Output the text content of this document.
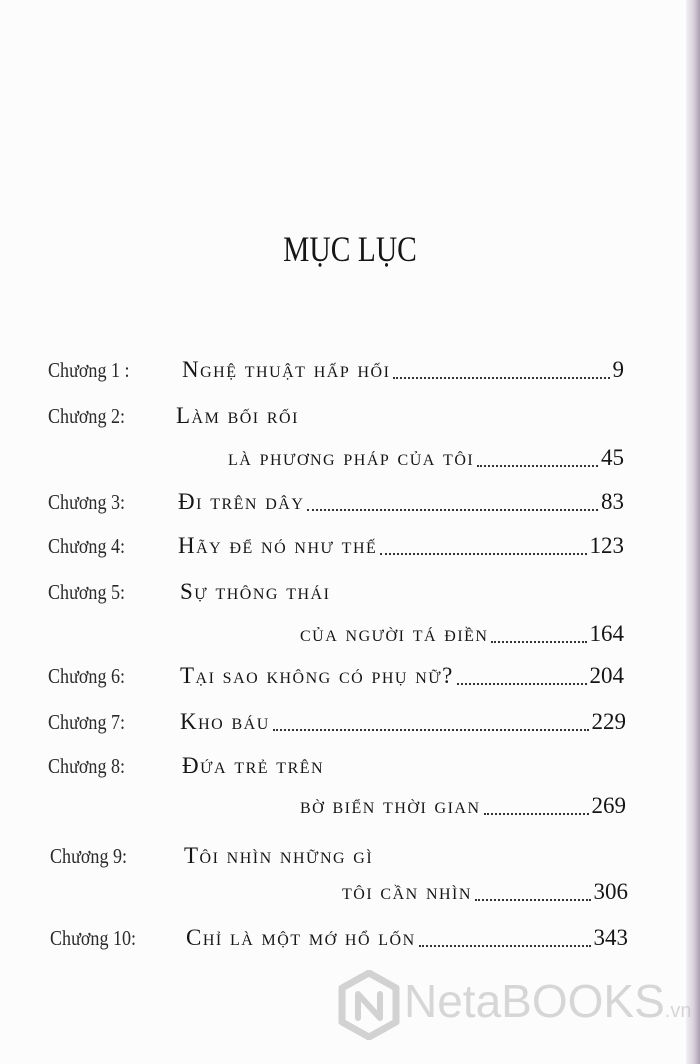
MỤC LỤC
Chương 1 : Nghệ thuật hấp hối	9
Chương 2: Làm bối rối
là phương pháp của tôi	45
Chương 3: Đi trên dây	83
Chương 4: Hãy để nó như thế	123
Chương 5: Sự thông thái
của người tá điền	164
Chương 6: Tại sao không có phụ nữ?	204
Chương 7: Kho báu	229
Chương 8: Đứa trẻ trên
bờ biển thời gian	269
Chương 9: Tôi nhìn những gì
tôi cần nhìn	306
Chương 10: Chỉ là một mớ hổ lốn	343
NetaBOOKS.vn
